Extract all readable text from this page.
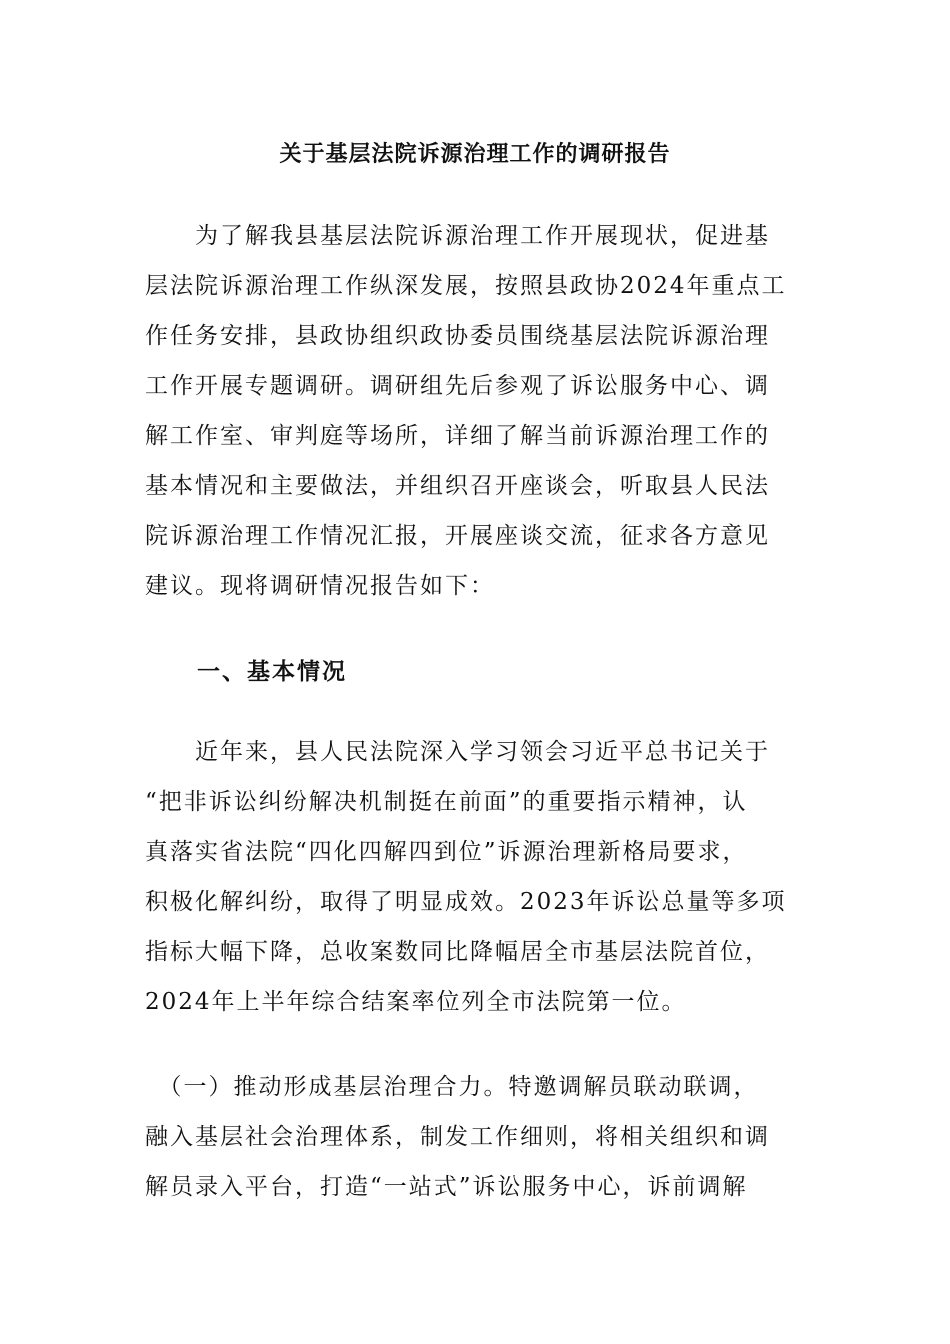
关于基层法院诉源治理工作的调研报告
　　为了解我县基层法院诉源治理工作开展现状，促进基
层法院诉源治理工作纵深发展，按照县政协2024年重点工
作任务安排，县政协组织政协委员围绕基层法院诉源治理
工作开展专题调研。调研组先后参观了诉讼服务中心、调
解工作室、审判庭等场所，详细了解当前诉源治理工作的
基本情况和主要做法，并组织召开座谈会，听取县人民法
院诉源治理工作情况汇报，开展座谈交流，征求各方意见
建议。现将调研情况报告如下：
一、基本情况
　　近年来，县人民法院深入学习领会习近平总书记关于
“把非诉讼纠纷解决机制挺在前面”的重要指示精神，认
真落实省法院“四化四解四到位”诉源治理新格局要求，
积极化解纠纷，取得了明显成效。2023年诉讼总量等多项
指标大幅下降，总收案数同比降幅居全市基层法院首位，
2024年上半年综合结案率位列全市法院第一位。
　（一）推动形成基层治理合力。特邀调解员联动联调，
融入基层社会治理体系，制发工作细则，将相关组织和调
解员录入平台，打造“一站式”诉讼服务中心，诉前调解
